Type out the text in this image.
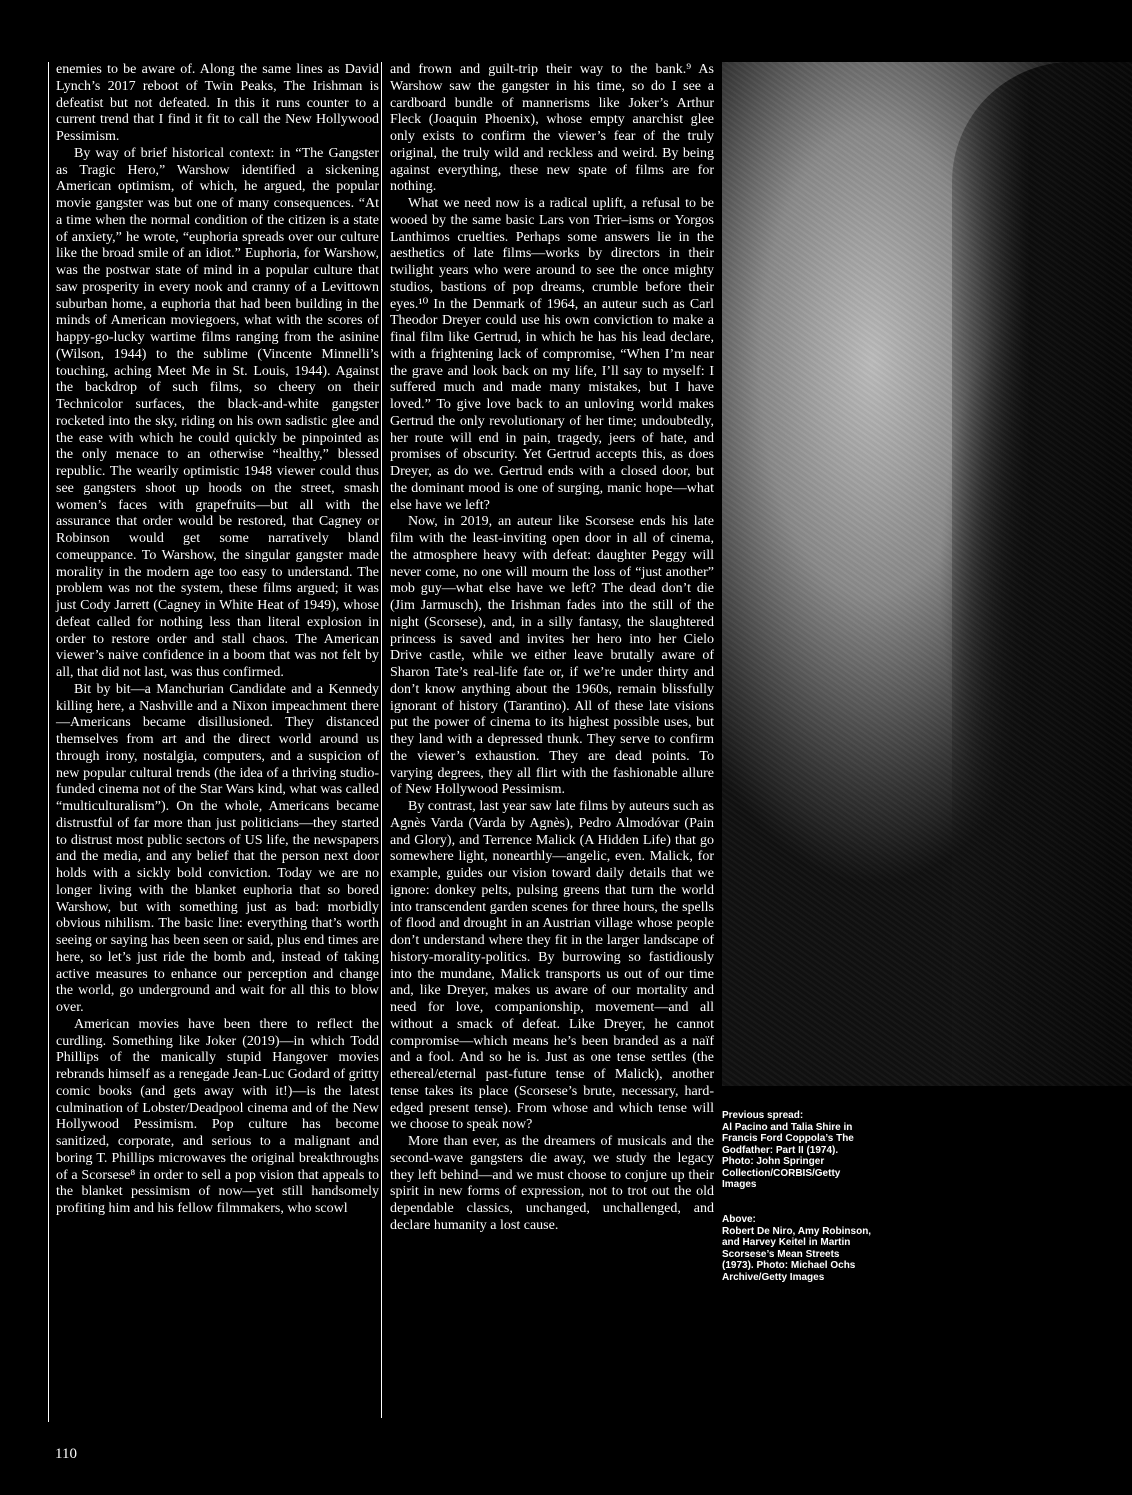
enemies to be aware of. Along the same lines as David Lynch’s 2017 reboot of Twin Peaks, The Irishman is defeatist but not defeated. In this it runs counter to a current trend that I find it fit to call the New Hollywood Pessimism.

By way of brief historical context: in “The Gangster as Tragic Hero,” Warshow identified a sickening American optimism, of which, he argued, the popular movie gangster was but one of many consequences. “At a time when the normal condition of the citizen is a state of anxiety,” he wrote, “euphoria spreads over our culture like the broad smile of an idiot.” Euphoria, for Warshow, was the postwar state of mind in a popular culture that saw prosperity in every nook and cranny of a Levittown suburban home, a euphoria that had been building in the minds of American moviegoers, what with the scores of happy-go-lucky wartime films ranging from the asinine (Wilson, 1944) to the sublime (Vincente Minnelli’s touching, aching Meet Me in St. Louis, 1944). Against the backdrop of such films, so cheery on their Technicolor surfaces, the black-and-white gangster rocketed into the sky, riding on his own sadistic glee and the ease with which he could quickly be pinpointed as the only menace to an otherwise “healthy,” blessed republic. The wearily optimistic 1948 viewer could thus see gangsters shoot up hoods on the street, smash women’s faces with grapefruits—but all with the assurance that order would be restored, that Cagney or Robinson would get some narratively bland comeuppance. To Warshow, the singular gangster made morality in the modern age too easy to understand. The problem was not the system, these films argued; it was just Cody Jarrett (Cagney in White Heat of 1949), whose defeat called for nothing less than literal explosion in order to restore order and stall chaos. The American viewer’s naive confidence in a boom that was not felt by all, that did not last, was thus confirmed.

Bit by bit—a Manchurian Candidate and a Kennedy killing here, a Nashville and a Nixon impeachment there—Americans became disillusioned. They distanced themselves from art and the direct world around us through irony, nostalgia, computers, and a suspicion of new popular cultural trends (the idea of a thriving studio-funded cinema not of the Star Wars kind, what was called “multiculturalism”). On the whole, Americans became distrustful of far more than just politicians—they started to distrust most public sectors of US life, the newspapers and the media, and any belief that the person next door holds with a sickly bold conviction. Today we are no longer living with the blanket euphoria that so bored Warshow, but with something just as bad: morbidly obvious nihilism. The basic line: everything that’s worth seeing or saying has been seen or said, plus end times are here, so let’s just ride the bomb and, instead of taking active measures to enhance our perception and change the world, go underground and wait for all this to blow over.

American movies have been there to reflect the curdling. Something like Joker (2019)—in which Todd Phillips of the manically stupid Hangover movies rebrands himself as a renegade Jean-Luc Godard of gritty comic books (and gets away with it!)—is the latest culmination of Lobster/Deadpool cinema and of the New Hollywood Pessimism. Pop culture has become sanitized, corporate, and serious to a malignant and boring T. Phillips microwaves the original breakthroughs of a Scorsese⁸ in order to sell a pop vision that appeals to the blanket pessimism of now—yet still handsomely profiting him and his fellow filmmakers, who scowl

and frown and guilt-trip their way to the bank.⁹ As Warshow saw the gangster in his time, so do I see a cardboard bundle of mannerisms like Joker’s Arthur Fleck (Joaquin Phoenix), whose empty anarchist glee only exists to confirm the viewer’s fear of the truly original, the truly wild and reckless and weird. By being against everything, these new spate of films are for nothing.

What we need now is a radical uplift, a refusal to be wooed by the same basic Lars von Trier–isms or Yorgos Lanthimos cruelties. Perhaps some answers lie in the aesthetics of late films—works by directors in their twilight years who were around to see the once mighty studios, bastions of pop dreams, crumble before their eyes.¹⁰ In the Denmark of 1964, an auteur such as Carl Theodor Dreyer could use his own conviction to make a final film like Gertrud, in which he has his lead declare, with a frightening lack of compromise, “When I’m near the grave and look back on my life, I’ll say to myself: I suffered much and made many mistakes, but I have loved.” To give love back to an unloving world makes Gertrud the only revolutionary of her time; undoubtedly, her route will end in pain, tragedy, jeers of hate, and promises of obscurity. Yet Gertrud accepts this, as does Dreyer, as do we. Gertrud ends with a closed door, but the dominant mood is one of surging, manic hope—what else have we left?

Now, in 2019, an auteur like Scorsese ends his late film with the least-inviting open door in all of cinema, the atmosphere heavy with defeat: daughter Peggy will never come, no one will mourn the loss of “just another” mob guy—what else have we left? The dead don’t die (Jim Jarmusch), the Irishman fades into the still of the night (Scorsese), and, in a silly fantasy, the slaughtered princess is saved and invites her hero into her Cielo Drive castle, while we either leave brutally aware of Sharon Tate’s real-life fate or, if we’re under thirty and don’t know anything about the 1960s, remain blissfully ignorant of history (Tarantino). All of these late visions put the power of cinema to its highest possible uses, but they land with a depressed thunk. They serve to confirm the viewer’s exhaustion. They are dead points. To varying degrees, they all flirt with the fashionable allure of New Hollywood Pessimism.

By contrast, last year saw late films by auteurs such as Agnès Varda (Varda by Agnès), Pedro Almodóvar (Pain and Glory), and Terrence Malick (A Hidden Life) that go somewhere light, nonearthly—angelic, even. Malick, for example, guides our vision toward daily details that we ignore: donkey pelts, pulsing greens that turn the world into transcendent garden scenes for three hours, the spells of flood and drought in an Austrian village whose people don’t understand where they fit in the larger landscape of history-morality-politics. By burrowing so fastidiously into the mundane, Malick transports us out of our time and, like Dreyer, makes us aware of our mortality and need for love, companionship, movement—and all without a smack of defeat. Like Dreyer, he cannot compromise—which means he’s been branded as a naïf and a fool. And so he is. Just as one tense settles (the ethereal/eternal past-future tense of Malick), another tense takes its place (Scorsese’s brute, necessary, hard-edged present tense). From whose and which tense will we choose to speak now?

More than ever, as the dreamers of musicals and the second-wave gangsters die away, we study the legacy they left behind—and we must choose to conjure up their spirit in new forms of expression, not to trot out the old dependable classics, unchanged, unchallenged, and declare humanity a lost cause.

Previous spread:
Al Pacino and Talia Shire in Francis Ford Coppola’s The Godfather: Part II (1974). Photo: John Springer Collection/CORBIS/Getty Images
Above:
Robert De Niro, Amy Robinson, and Harvey Keitel in Martin Scorsese’s Mean Streets (1973). Photo: Michael Ochs Archive/Getty Images
110
